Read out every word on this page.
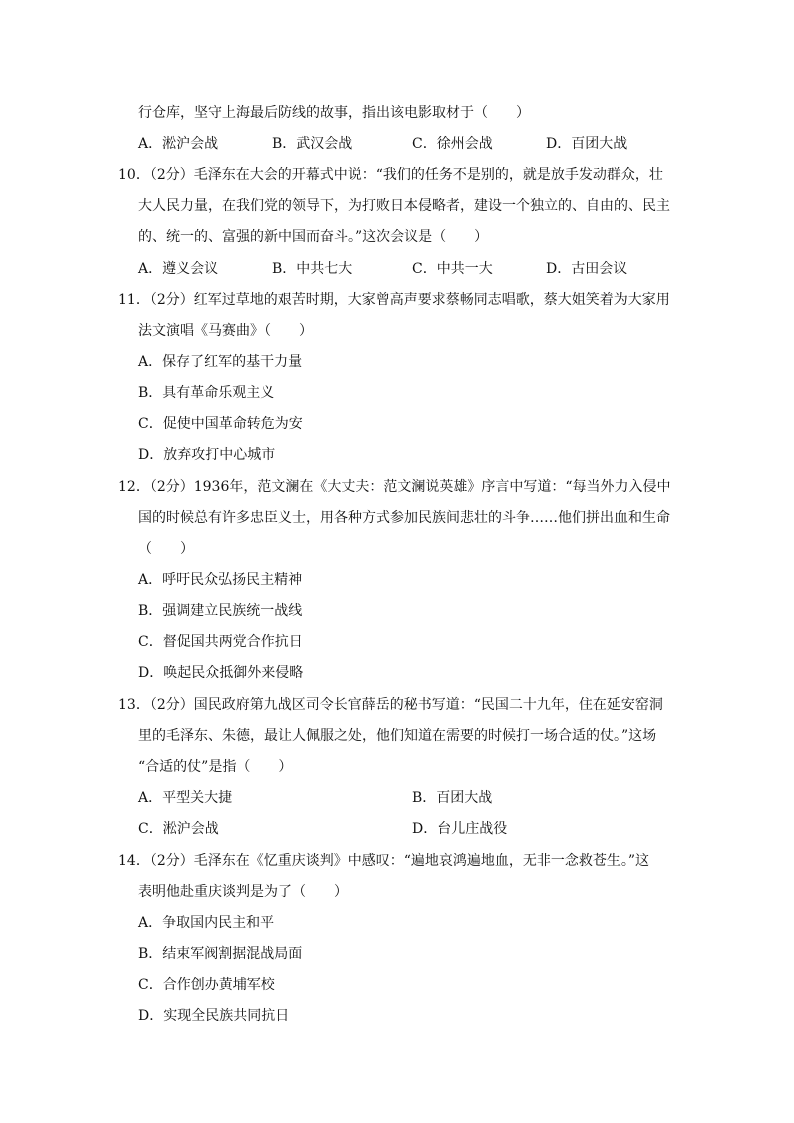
行仓库，坚守上海最后防线的故事，指出该电影取材于（　　）
A．淞沪会战	B．武汉会战	C．徐州会战	D．百团大战
10．（2分）毛泽东在大会的开幕式中说：“我们的任务不是别的，就是放手发动群众，壮
大人民力量，在我们党的领导下，为打败日本侵略者，建设一个独立的、自由的、民主
的、统一的、富强的新中国而奋斗。”这次会议是（　　）
A．遵义会议	B．中共七大	C．中共一大	D．古田会议
11．（2分）红军过草地的艰苦时期，大家曾高声要求蔡畅同志唱歌，蔡大姐笑着为大家用
法文演唱《马赛曲》（　　）
A．保存了红军的基干力量
B．具有革命乐观主义
C．促使中国革命转危为安
D．放弃攻打中心城市
12．（2分）1936年，范文澜在《大丈夫：范文澜说英雄》序言中写道：“每当外力入侵中
国的时候总有许多忠臣义士，用各种方式参加民族间悲壮的斗争……他们拼出血和生命
（　　）
A．呼吁民众弘扬民主精神
B．强调建立民族统一战线
C．督促国共两党合作抗日
D．唤起民众抵御外来侵略
13．（2分）国民政府第九战区司令长官薛岳的秘书写道：“民国二十九年，住在延安窑洞
里的毛泽东、朱德，最让人佩服之处，他们知道在需要的时候打一场合适的仗。”这场
“合适的仗”是指（　　）
A．平型关大捷	B．百团大战
C．淞沪会战	D．台儿庄战役
14．（2分）毛泽东在《忆重庆谈判》中感叹：“遍地哀鸿遍地血，无非一念救苍生。”这
表明他赴重庆谈判是为了（　　）
A．争取国内民主和平
B．结束军阀割据混战局面
C．合作创办黄埔军校
D．实现全民族共同抗日
